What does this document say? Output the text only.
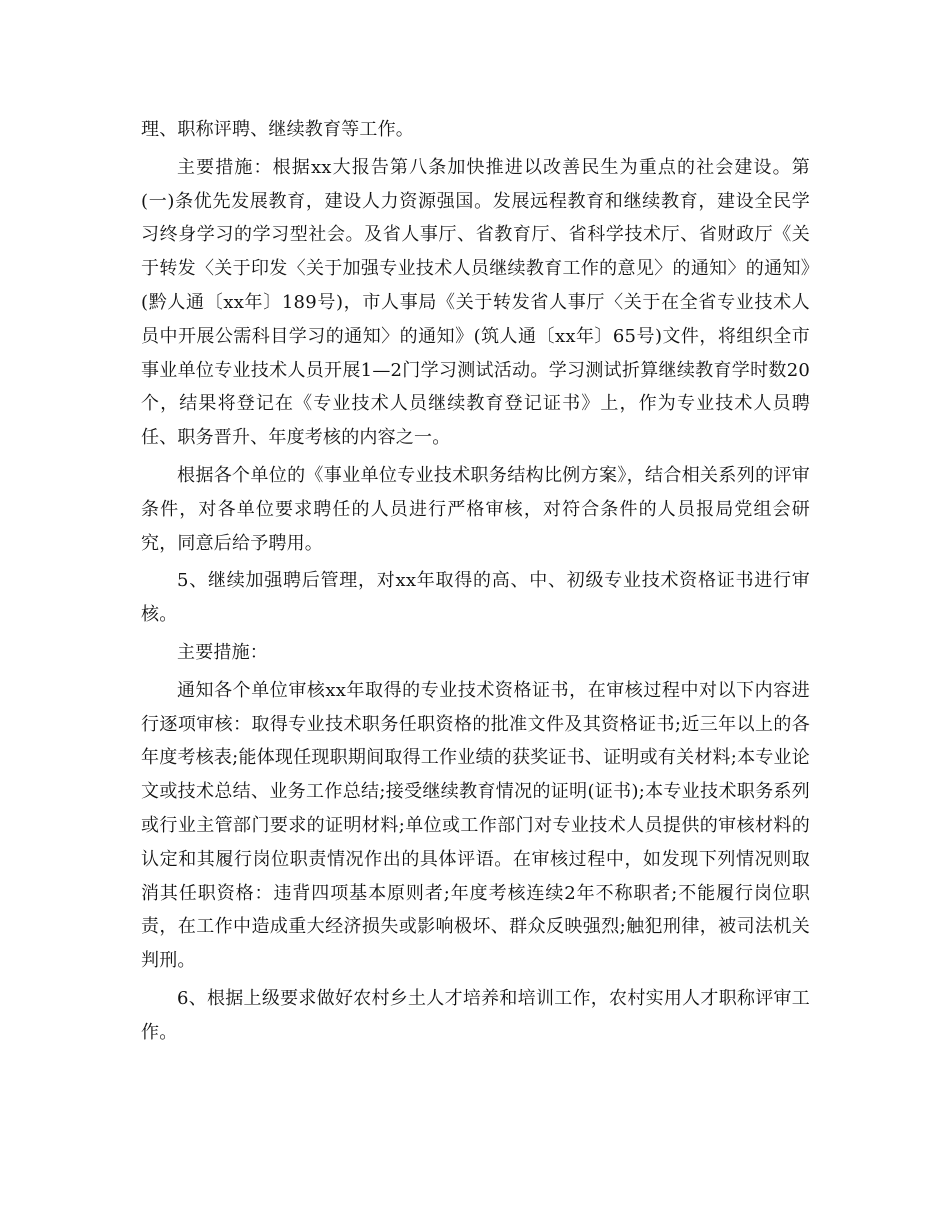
理、职称评聘、继续教育等工作。

主要措施：根据xx大报告第八条加快推进以改善民生为重点的社会建设。第(一)条优先发展教育，建设人力资源强国。发展远程教育和继续教育，建设全民学习终身学习的学习型社会。及省人事厅、省教育厅、省科学技术厅、省财政厅《关于转发〈关于印发〈关于加强专业技术人员继续教育工作的意见〉的通知〉的通知》(黔人通〔xx年〕189号)，市人事局《关于转发省人事厅〈关于在全省专业技术人员中开展公需科目学习的通知〉的通知》(筑人通〔xx年〕65号)文件，将组织全市事业单位专业技术人员开展1—2门学习测试活动。学习测试折算继续教育学时数20个，结果将登记在《专业技术人员继续教育登记证书》上，作为专业技术人员聘任、职务晋升、年度考核的内容之一。

根据各个单位的《事业单位专业技术职务结构比例方案》，结合相关系列的评审条件，对各单位要求聘任的人员进行严格审核，对符合条件的人员报局党组会研究，同意后给予聘用。

5、继续加强聘后管理，对xx年取得的高、中、初级专业技术资格证书进行审核。

主要措施：

通知各个单位审核xx年取得的专业技术资格证书，在审核过程中对以下内容进行逐项审核：取得专业技术职务任职资格的批准文件及其资格证书;近三年以上的各年度考核表;能体现任现职期间取得工作业绩的获奖证书、证明或有关材料;本专业论文或技术总结、业务工作总结;接受继续教育情况的证明(证书);本专业技术职务系列或行业主管部门要求的证明材料;单位或工作部门对专业技术人员提供的审核材料的认定和其履行岗位职责情况作出的具体评语。在审核过程中，如发现下列情况则取消其任职资格：违背四项基本原则者;年度考核连续2年不称职者;不能履行岗位职责，在工作中造成重大经济损失或影响极坏、群众反映强烈;触犯刑律，被司法机关判刑。

6、根据上级要求做好农村乡土人才培养和培训工作，农村实用人才职称评审工作。
